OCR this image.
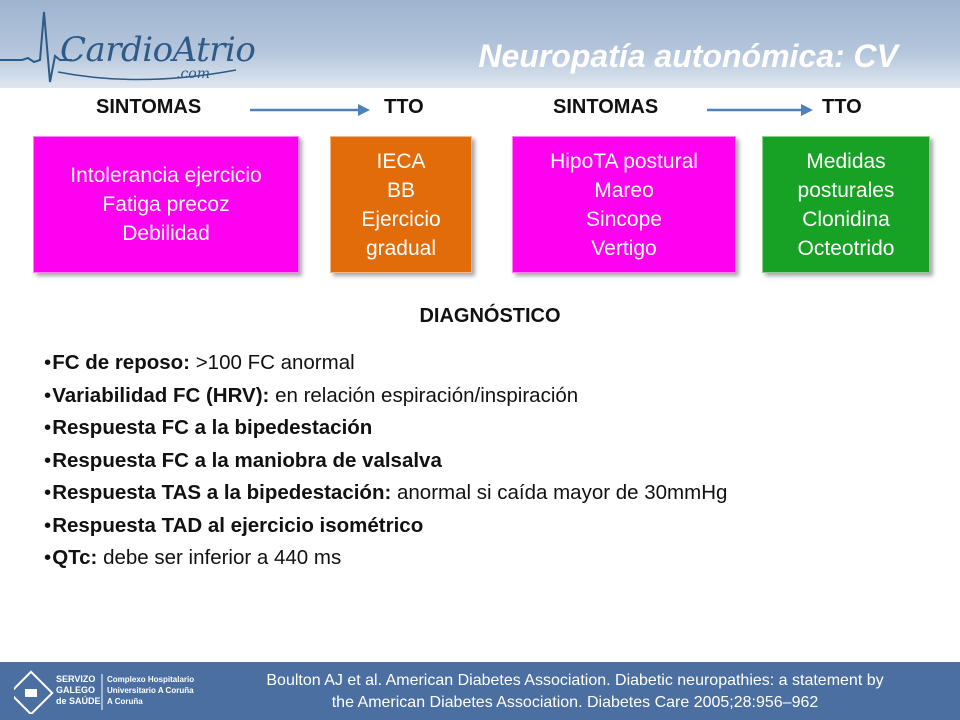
CardioAtrio
.com	Neuropatía autonómica: CV
SINTOMAS	TTO	SINTOMAS	TTO
Intolerancia ejercicio
Fatiga precoz
Debilidad
IECA
BB
Ejercicio
gradual
HipoTA postural
Mareo
Sincope
Vertigo
Medidas
posturales
Clonidina
Octeotrido
DIAGNÓSTICO
•FC de reposo: >100 FC anormal
•Variabilidad FC (HRV): en relación espiración/inspiración
•Respuesta FC a la bipedestación
•Respuesta FC a la maniobra de valsalva
•Respuesta TAS a la bipedestación: anormal si caída mayor de 30mmHg
•Respuesta TAD al ejercicio isométrico
•QTc: debe ser inferior a 440 ms
SERVIZO
GALEGO
de SAÚDE
Complexo Hospitalario
Universitario A Coruña
A Coruña
Boulton AJ et al. American Diabetes Association. Diabetic neuropathies: a statement by
the American Diabetes Association. Diabetes Care 2005;28:956–962
